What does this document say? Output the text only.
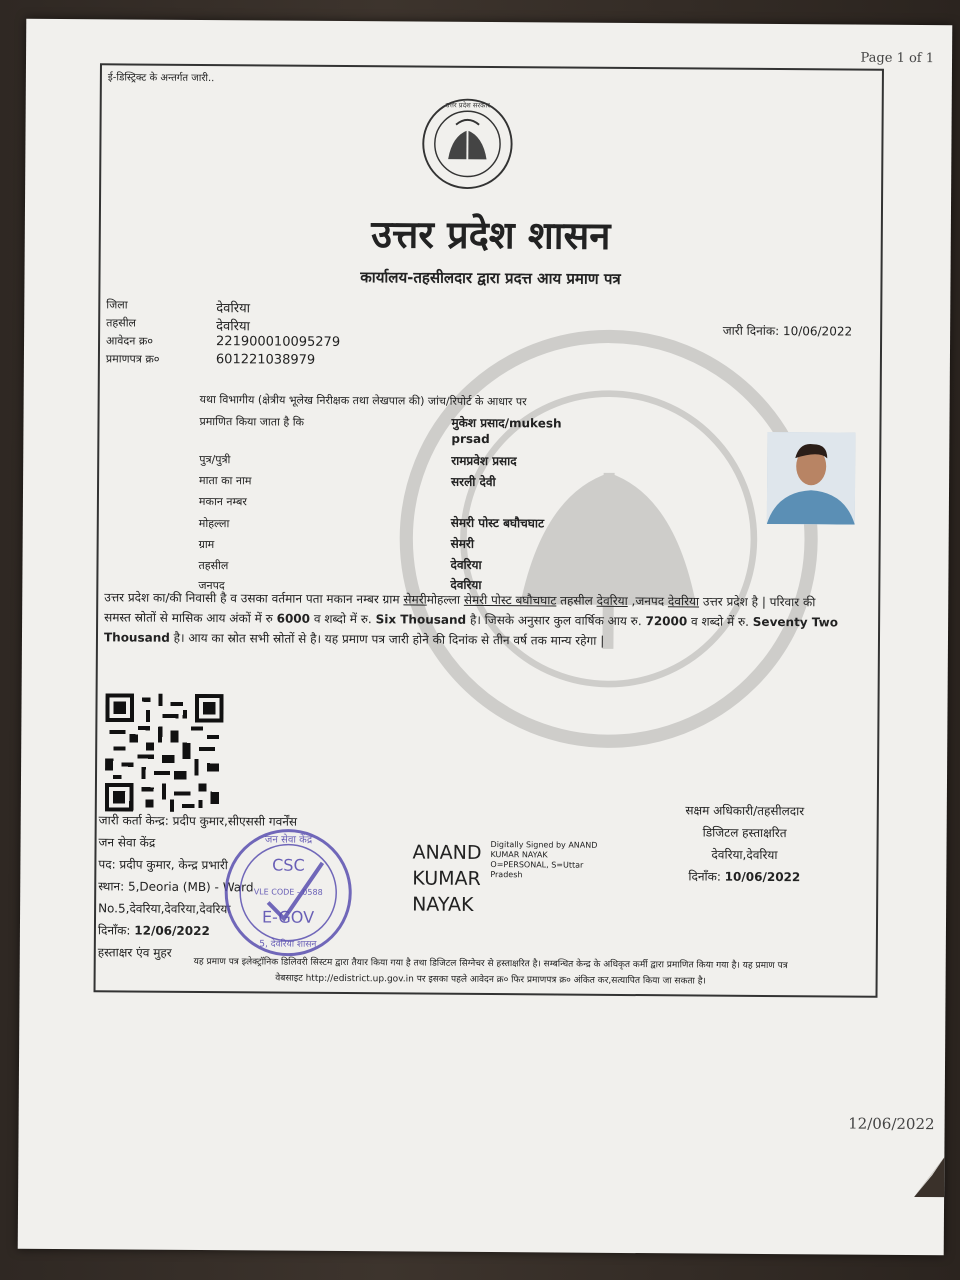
Page 1 of 1
ई-डिस्ट्रिक्ट के अन्तर्गत जारी..
उत्तर प्रदेश सरकार
उत्तर प्रदेश शासन
कार्यालय-तहसीलदार द्वारा प्रदत्त आय प्रमाण पत्र
जिला	देवरिया
तहसील	देवरिया
आवेदन क्र०	221900010095279
प्रमाणपत्र क्र०	601221038979
जारी दिनांक: 10/06/2022
यथा विभागीय (क्षेत्रीय भूलेख निरीक्षक तथा लेखपाल की) जांच/रिपोर्ट के आधार पर
प्रमाणित किया जाता है कि	मुकेश प्रसाद/mukesh
prsad
पुत्र/पुत्री	रामप्रवेश प्रसाद
माता का नाम	सरली देवी
मकान नम्बर
मोहल्ला	सेमरी पोस्ट बघौचघाट
ग्राम	सेमरी
तहसील	देवरिया
जनपद	देवरिया
उत्तर प्रदेश का/की निवासी है व उसका वर्तमान पता मकान नम्बर ग्राम सेमरीमोहल्ला सेमरी पोस्ट बघौचघाट तहसील देवरिया ,जनपद देवरिया उत्तर प्रदेश है | परिवार की समस्त स्रोतों से मासिक आय अंकों में रु 6000 व शब्दो में रु. Six Thousand है। जिसके अनुसार कुल वार्षिक आय रु. 72000 व शब्दो में रु. Seventy Two Thousand है। आय का स्रोत सभी स्रोतों से है। यह प्रमाण पत्र जारी होने की दिनांक से तीन वर्ष तक मान्य रहेगा |
जारी कर्ता केन्द्र: प्रदीप कुमार,सीएससी गवर्नेंस
जन सेवा केंद्र
पद: प्रदीप कुमार, केन्द्र प्रभारी
स्थान: 5,Deoria (MB) - Ward
No.5,देवरिया,देवरिया,देवरिया
दिनाँक: 12/06/2022
हस्ताक्षर एंव मुहर
जन सेवा केंद्र
CSC
VLE CODE - 0588
E-GOV
5, देवरिया शासन
ANAND
KUMAR
NAYAK
Digitally Signed by ANAND
KUMAR NAYAK
O=PERSONAL, S=Uttar
Pradesh
सक्षम अधिकारी/तहसीलदार
डिजिटल हस्ताक्षरित
देवरिया,देवरिया
दिनाँक: 10/06/2022
यह प्रमाण पत्र इलेक्ट्रॉनिक डिलिवरी सिस्टम द्वारा तैयार किया गया है तथा डिजिटल सिग्नेचर से हस्ताक्षरित है। सम्बन्धित केन्द्र के अधिकृत कर्मी द्वारा प्रमाणित किया गया है। यह प्रमाण पत्र
वेबसाइट http://edistrict.up.gov.in पर इसका पहले आवेदन क्र० फिर प्रमाणपत्र क्र० अंकित कर,सत्यापित किया जा सकता है।
12/06/2022
